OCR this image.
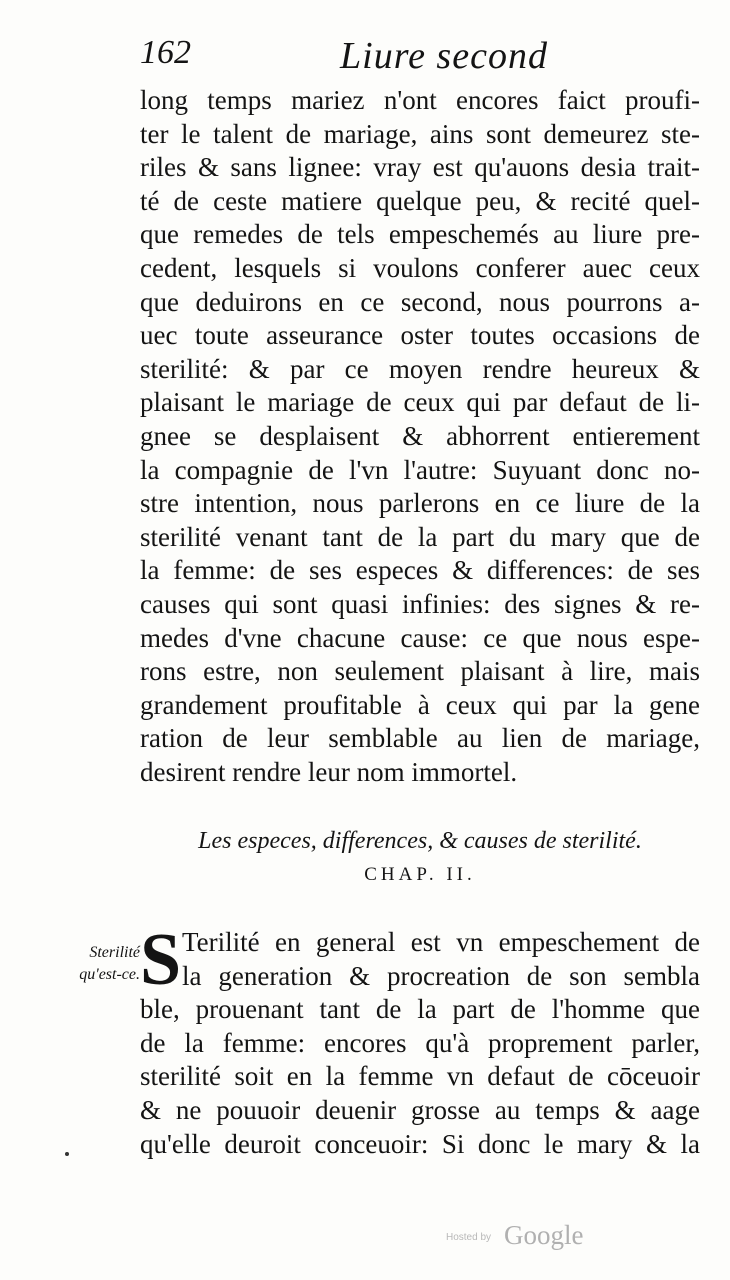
162	Liure second
long temps mariez n'ont encores faict proufi-
ter le talent de mariage, ains sont demeurez ste-
riles & sans lignee: vray est qu'auons desia trait-
té de ceste matiere quelque peu, & recité quel-
que remedes de tels empeschemés au liure pre-
cedent, lesquels si voulons conferer auec ceux
que deduirons en ce second, nous pourrons a-
uec toute asseurance oster toutes occasions de
sterilité: & par ce moyen rendre heureux &
plaisant le mariage de ceux qui par defaut de li-
gnee se desplaisent & abhorrent entierement
la compagnie de l'vn l'autre: Suyuant donc no-
stre intention, nous parlerons en ce liure de la
sterilité venant tant de la part du mary que de
la femme: de ses especes & differences: de ses
causes qui sont quasi infinies: des signes & re-
medes d'vne chacune cause: ce que nous espe-
rons estre, non seulement plaisant à lire, mais
grandement proufitable à ceux qui par la gene
ration de leur semblable au lien de mariage,
desirent rendre leur nom immortel.
Les especes, differences, & causes de sterilité.
CHAP. II.
Sterilité
qu'est-ce. S Terilité en general est vn empeschement de
la generation & procreation de son sembla
ble, prouenant tant de la part de l'homme que
de la femme: encores qu'à proprement parler,
sterilité soit en la femme vn defaut de cōceuoir
& ne pouuoir deuenir grosse au temps & aage
qu'elle deuroit conceuoir: Si donc le mary & la
Hosted by Google
